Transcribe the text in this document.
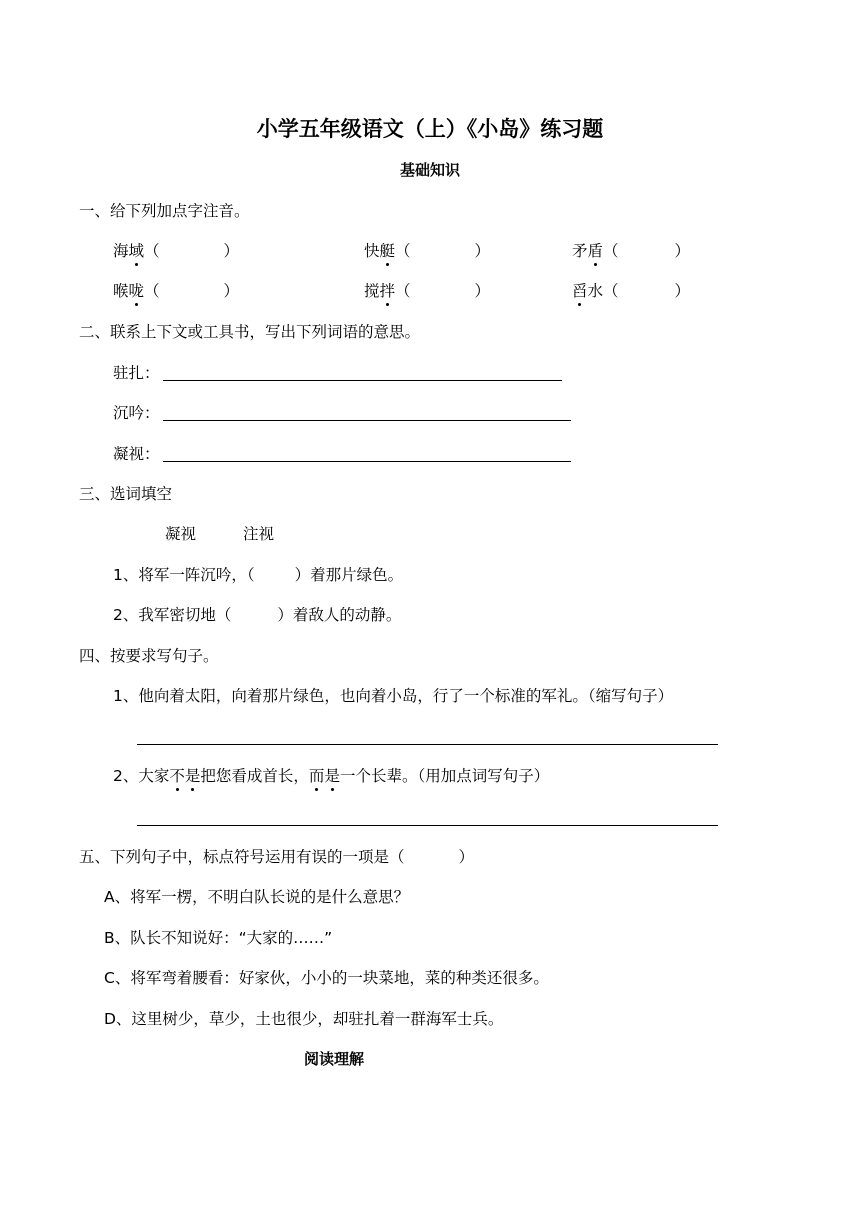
小学五年级语文（上）《小岛》练习题
基础知识
一、给下列加点字注音。
海域（	）	快艇（	）	矛盾（	）
喉咙（	）	搅拌（	）	舀水（	）
二、联系上下文或工具书，写出下列词语的意思。
驻扎：
沉吟：
凝视：
三、选词填空
凝视	注视
1、将军一阵沉吟，（	）着那片绿色。
2、我军密切地（	）着敌人的动静。
四、按要求写句子。
1、他向着太阳，向着那片绿色，也向着小岛，行了一个标准的军礼。（缩写句子）
2、大家不是把您看成首长，而是一个长辈。（用加点词写句子）
五、下列句子中，标点符号运用有误的一项是（	）
A、将军一楞，不明白队长说的是什么意思？
B、队长不知说好：“大家的……”
C、将军弯着腰看：好家伙，小小的一块菜地，菜的种类还很多。
D、这里树少，草少，土也很少，却驻扎着一群海军士兵。
阅读理解
